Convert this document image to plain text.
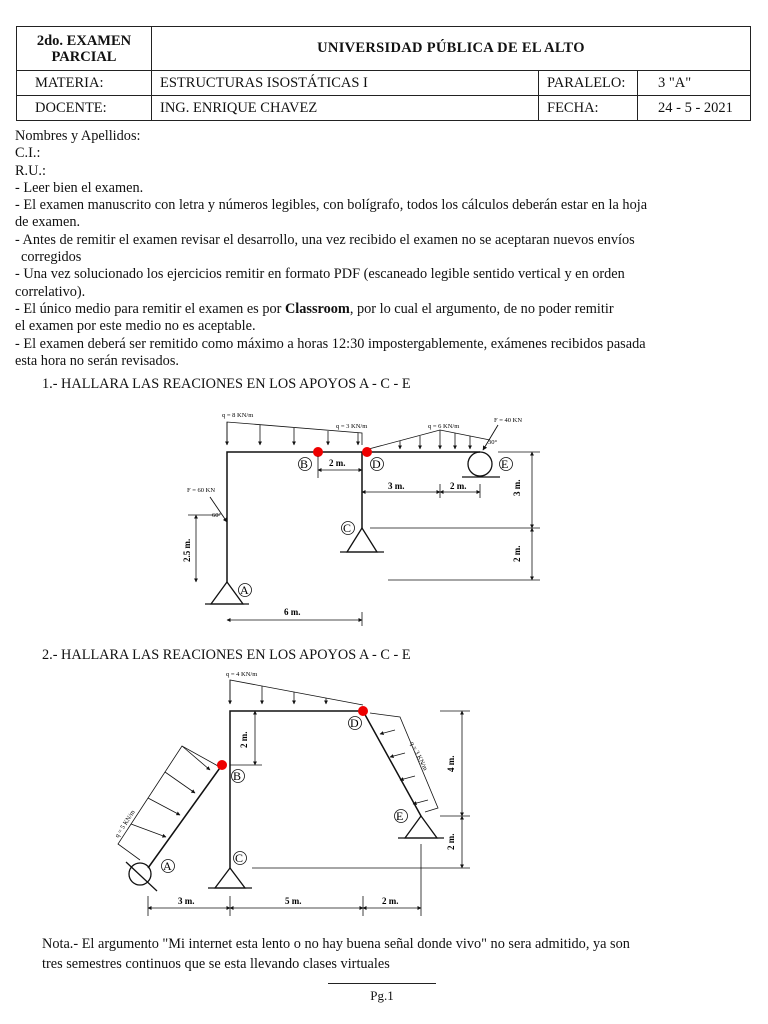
2do. EXAMEN
PARCIAL	UNIVERSIDAD PÚBLICA DE EL ALTO		
MATERIA:	ESTRUCTURAS ISOSTÁTICAS I	PARALELO:	3 "A"
DOCENTE:	ING. ENRIQUE CHAVEZ	FECHA:	24 - 5 - 2021
Nombres y Apellidos:
C.I.:
R.U.:
- Leer bien el examen.
- El examen manuscrito con letra y números legibles, con bolígrafo, todos los cálculos deberán estar en la hoja
de examen.
- Antes de remitir el examen revisar el desarrollo, una vez recibido el examen no se aceptaran nuevos envíos
corregidos
- Una vez solucionado los ejercicios remitir en formato PDF (escaneado legible sentido vertical y en orden
correlativo).
- El único medio para remitir el examen es por Classroom, por lo cual el argumento, de no poder remitir
el examen por este medio no es aceptable.
- El examen deberá ser remitido como máximo a horas 12:30 impostergablemente, exámenes recibidos pasada
esta hora no serán revisados.
1.- HALLARA LAS REACIONES EN LOS APOYOS A - C - E
q = 8 KN/m
q = 3 KN/m	q = 6 KN/m
F = 40 KN
30°
F = 60 KN
60°
2 m.
3 m.	2 m.	3 m.
2 m.
2.5 m.
6 m.
B	D	E
C
A
2.- HALLARA LAS REACIONES EN LOS APOYOS A - C - E
q = 4 KN/m
q = 3 KN/m
q = 5 KN/m
2 m.
4 m.
2 m.
3 m.	5 m.	2 m.
B
D
E
C
A
Nota.- El argumento "Mi internet esta lento o no hay buena señal donde vivo" no sera admitido, ya son
tres semestres continuos que se esta llevando clases virtuales
Pg.1
